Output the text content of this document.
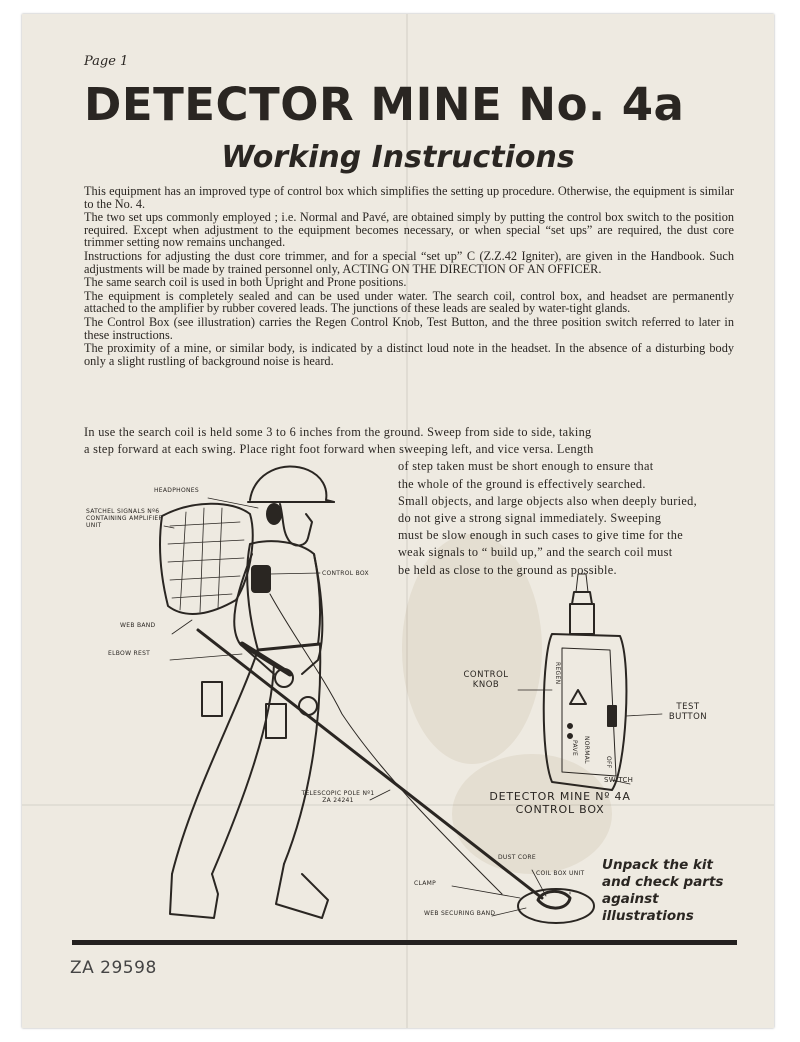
Page 1
DETECTOR MINE No. 4a
Working Instructions

This equipment has an improved type of control box which simplifies the setting up procedure. Otherwise, the equipment is similar to the No. 4.

The two set ups commonly employed ; i.e. Normal and Pavé, are obtained simply by putting the control box switch to the position required. Except when adjustment to the equipment becomes necessary, or when special “set ups” are required, the dust core trimmer setting now remains unchanged.

Instructions for adjusting the dust core trimmer, and for a special “set up” C (Z.Z.42 Igniter), are given in the Handbook. Such adjustments will be made by trained personnel only, ACTING ON THE DIRECTION OF AN OFFICER.

The same search coil is used in both Upright and Prone positions.

The equipment is completely sealed and can be used under water. The search coil, control box, and headset are permanently attached to the amplifier by rubber covered leads. The junctions of these leads are sealed by water-tight glands.

The Control Box (see illustration) carries the Regen Control Knob, Test Button, and the three position switch referred to later in these instructions.

The proximity of a mine, or similar body, is indicated by a distinct loud note in the headset. In the absence of a disturbing body only a slight rustling of background noise is heard.

In use the search coil is held some 3 to 6 inches from the ground. Sweep from side to side, taking
a step forward at each swing. Place right foot forward when sweeping left, and vice versa. Length
of step taken must be short enough to ensure that
the whole of the ground is effectively searched.
Small objects, and large objects also when deeply buried,
do not give a strong signal immediately. Sweeping
must be slow enough in such cases to give time for the
weak signals to “ build up,” and the search coil must
be held as close to the ground as possible.
HEADPHONES
SATCHEL SIGNALS Nº6 CONTAINING AMPLIFIER UNIT
CONTROL BOX
WEB BAND
ELBOW REST
TELESCOPIC POLE Nº1 ZA 24241
CLAMP
WEB SECURING BAND
DUST CORE
COIL BOX UNIT
CONTROL KNOB
TEST BUTTON
SWITCH
REGEN
OFF
NORMAL
PAVE
DETECTOR MINE Nº 4A CONTROL BOX
Unpack the kit and check parts against illustrations
ZA 29598
